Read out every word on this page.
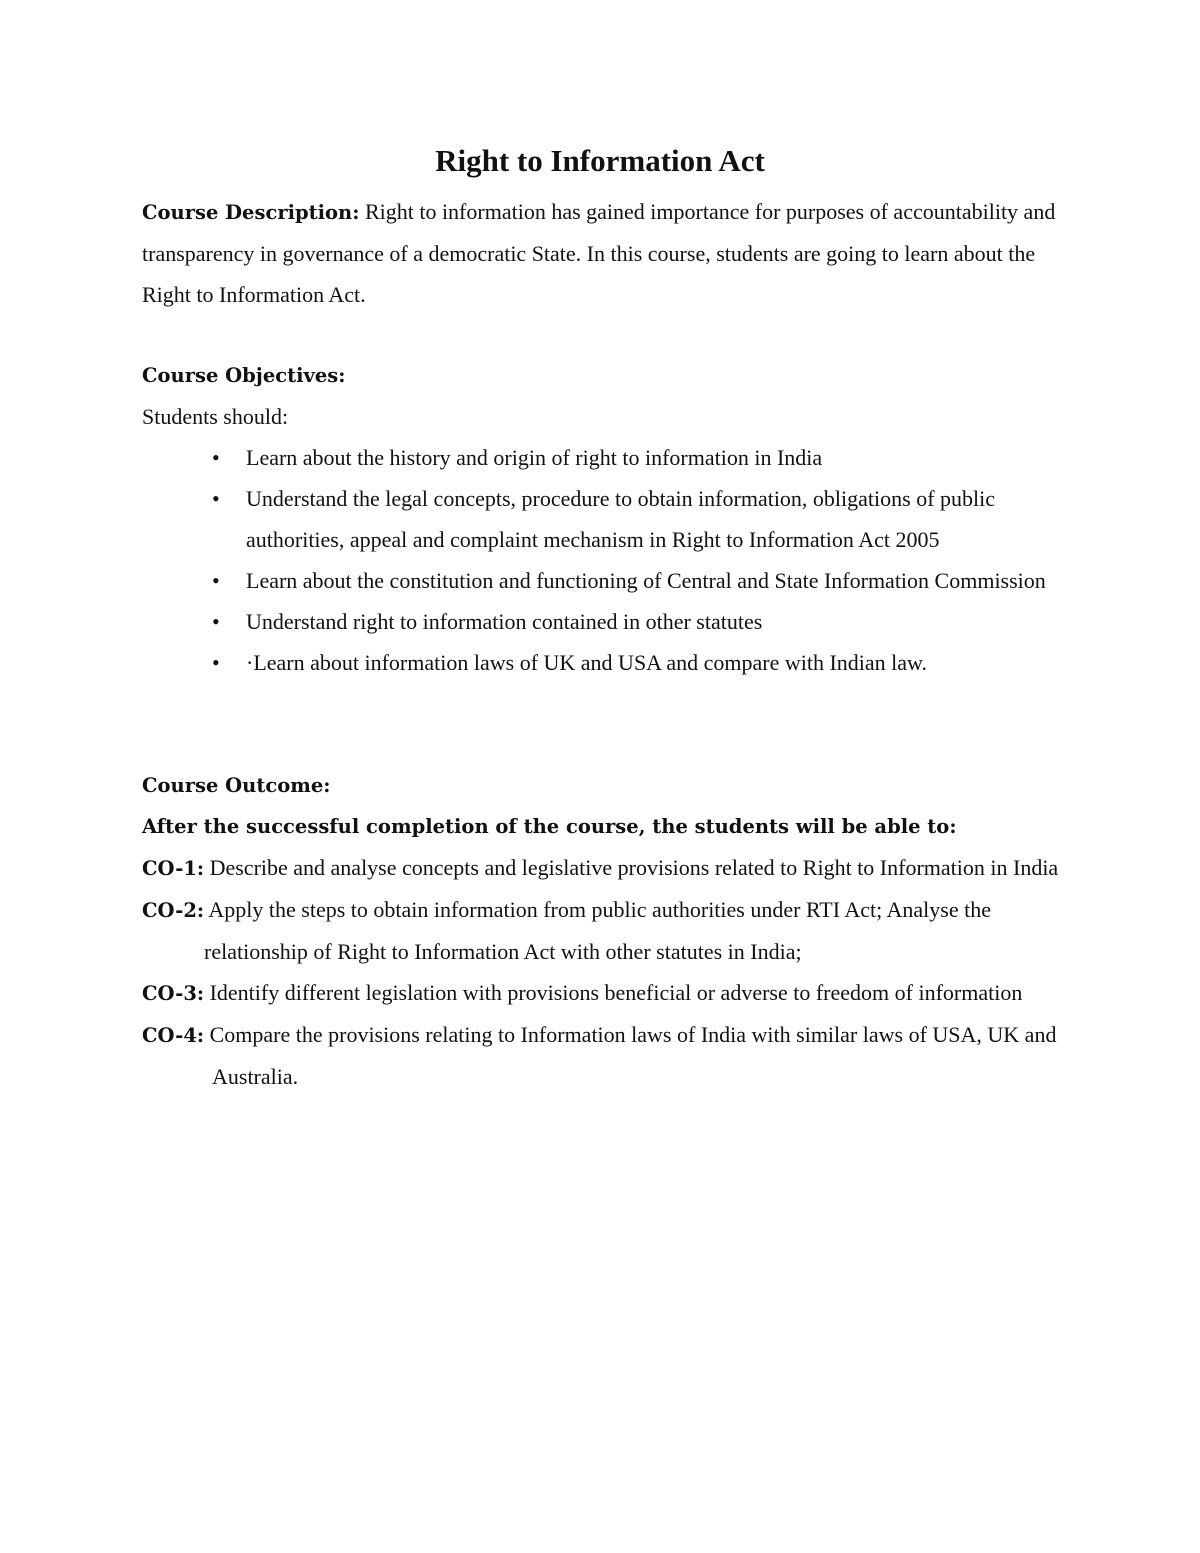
Right to Information Act

Course Description: Right to information has gained importance for purposes of accountability and transparency in governance of a democratic State. In this course, students are going to learn about the Right to Information Act.

Course Objectives:

Students should:

• Learn about the history and origin of right to information in India
• Understand the legal concepts, procedure to obtain information, obligations of public authorities, appeal and complaint mechanism in Right to Information Act 2005
• Learn about the constitution and functioning of Central and State Information Commission
• Understand right to information contained in other statutes
• ·Learn about information laws of UK and USA and compare with Indian law.

Course Outcome:

After the successful completion of the course, the students will be able to:

CO-1: Describe and analyse concepts and legislative provisions related to Right to Information in India

CO-2: Apply the steps to obtain information from public authorities under RTI Act; Analyse the relationship of Right to Information Act with other statutes in India;

CO-3: Identify different legislation with provisions beneficial or adverse to freedom of information

CO-4: Compare the provisions relating to Information laws of India with similar laws of USA, UK and Australia.
